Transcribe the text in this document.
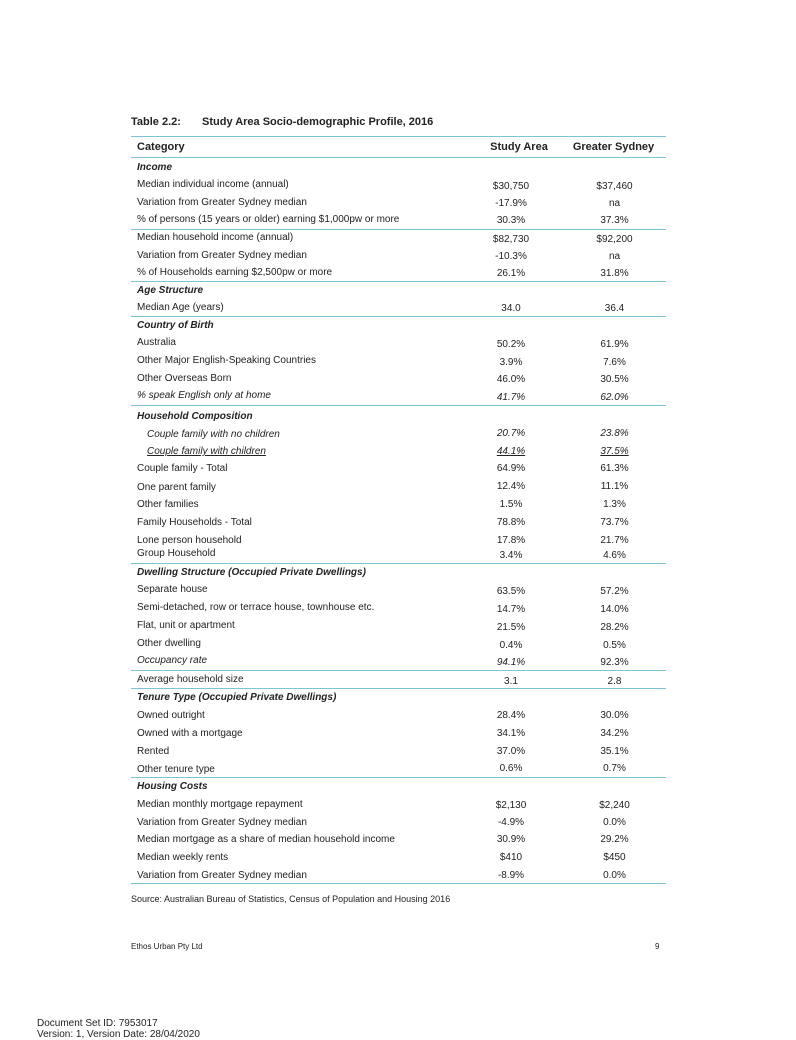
Table 2.2: Study Area Socio-demographic Profile, 2016
Category	Study Area	Greater Sydney
Income
Median individual income (annual)	$30,750	$37,460
Variation from Greater Sydney median	-17.9%	na
% of persons (15 years or older) earning $1,000pw or more	30.3%	37.3%
Median household income (annual)	$82,730	$92,200
Variation from Greater Sydney median	-10.3%	na
% of Households earning $2,500pw or more	26.1%	31.8%
Age Structure
Median Age (years)	34.0	36.4
Country of Birth
Australia	50.2%	61.9%
Other Major English-Speaking Countries	3.9%	7.6%
Other Overseas Born	46.0%	30.5%
% speak English only at home	41.7%	62.0%
Household Composition
Couple family with no children	20.7%	23.8%
Couple family with children	44.1%	37.5%
Couple family - Total	64.9%	61.3%
One parent family	12.4%	11.1%
Other families	1.5%	1.3%
Family Households - Total	78.8%	73.7%
Lone person household	17.8%	21.7%
Group Household	3.4%	4.6%
Dwelling Structure (Occupied Private Dwellings)
Separate house	63.5%	57.2%
Semi-detached, row or terrace house, townhouse etc.	14.7%	14.0%
Flat, unit or apartment	21.5%	28.2%
Other dwelling	0.4%	0.5%
Occupancy rate	94.1%	92.3%
Average household size	3.1	2.8
Tenure Type (Occupied Private Dwellings)
Owned outright	28.4%	30.0%
Owned with a mortgage	34.1%	34.2%
Rented	37.0%	35.1%
Other tenure type	0.6%	0.7%
Housing Costs
Median monthly mortgage repayment	$2,130	$2,240
Variation from Greater Sydney median	-4.9%	0.0%
Median mortgage as a share of median household income	30.9%	29.2%
Median weekly rents	$410	$450
Variation from Greater Sydney median	-8.9%	0.0%
Source: Australian Bureau of Statistics, Census of Population and Housing 2016
Ethos Urban Pty Ltd	9
Document Set ID: 7953017
Version: 1, Version Date: 28/04/2020
